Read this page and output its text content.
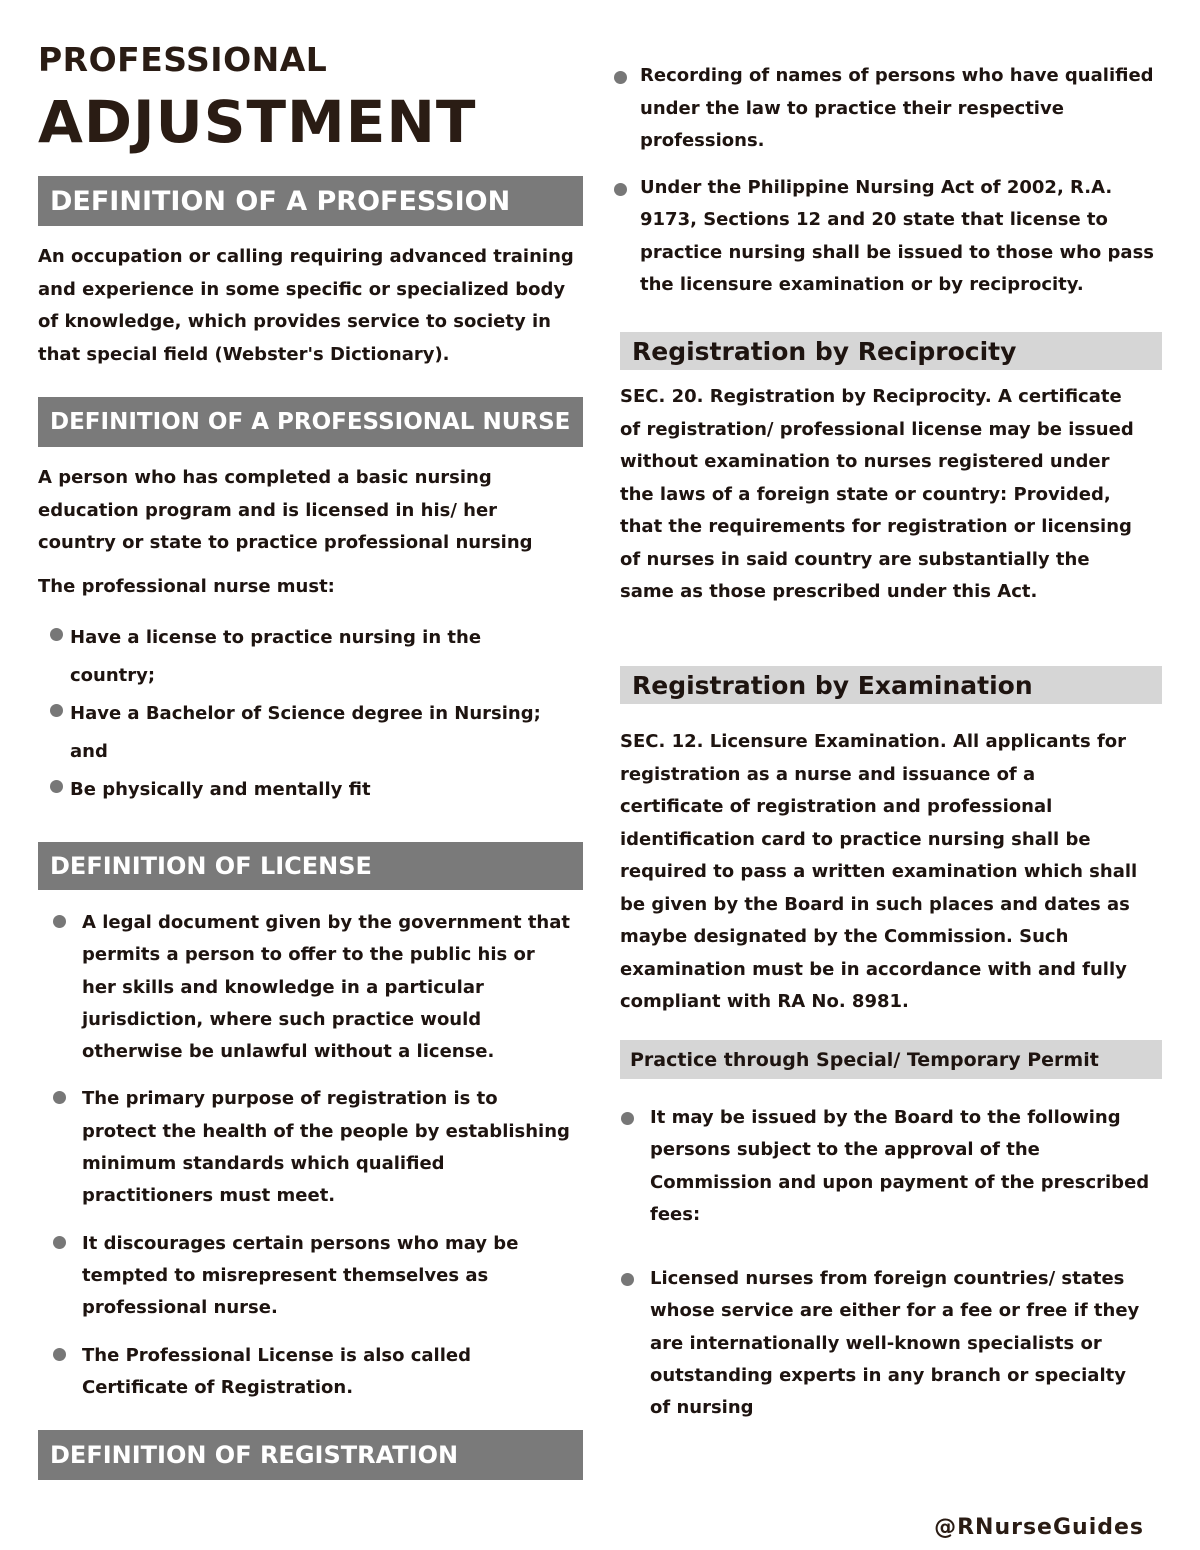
PROFESSIONAL
ADJUSTMENT
DEFINITION OF A PROFESSION

An occupation or calling requiring advanced training and experience in some specific or specialized body of knowledge, which provides service to society in that special field (Webster's Dictionary).

DEFINITION OF A PROFESSIONAL NURSE

A person who has completed a basic nursing education program and is licensed in his/ her country or state to practice professional nursing

The professional nurse must:

Have a license to practice nursing in the country;
Have a Bachelor of Science degree in Nursing; and
Be physically and mentally fit
DEFINITION OF LICENSE
A legal document given by the government that permits a person to offer to the public his or her skills and knowledge in a particular jurisdiction, where such practice would otherwise be unlawful without a license.
The primary purpose of registration is to protect the health of the people by establishing minimum standards which qualified practitioners must meet.
It discourages certain persons who may be tempted to misrepresent themselves as professional nurse.
The Professional License is also called Certificate of Registration.
DEFINITION OF REGISTRATION
Recording of names of persons who have qualified under the law to practice their respective professions.
Under the Philippine Nursing Act of 2002, R.A. 9173, Sections 12 and 20 state that license to practice nursing shall be issued to those who pass the licensure examination or by reciprocity.
Registration by Reciprocity

SEC. 20. Registration by Reciprocity. A certificate of registration/ professional license may be issued without examination to nurses registered under the laws of a foreign state or country: Provided, that the requirements for registration or licensing of nurses in said country are substantially the same as those prescribed under this Act.

Registration by Examination

SEC. 12. Licensure Examination. All applicants for registration as a nurse and issuance of a certificate of registration and professional identification card to practice nursing shall be required to pass a written examination which shall be given by the Board in such places and dates as maybe designated by the Commission. Such examination must be in accordance with and fully compliant with RA No. 8981.

Practice through Special/ Temporary Permit
It may be issued by the Board to the following persons subject to the approval of the Commission and upon payment of the prescribed fees:
Licensed nurses from foreign countries/ states whose service are either for a fee or free if they are internationally well-known specialists or outstanding experts in any branch or specialty of nursing
@RNurseGuides
